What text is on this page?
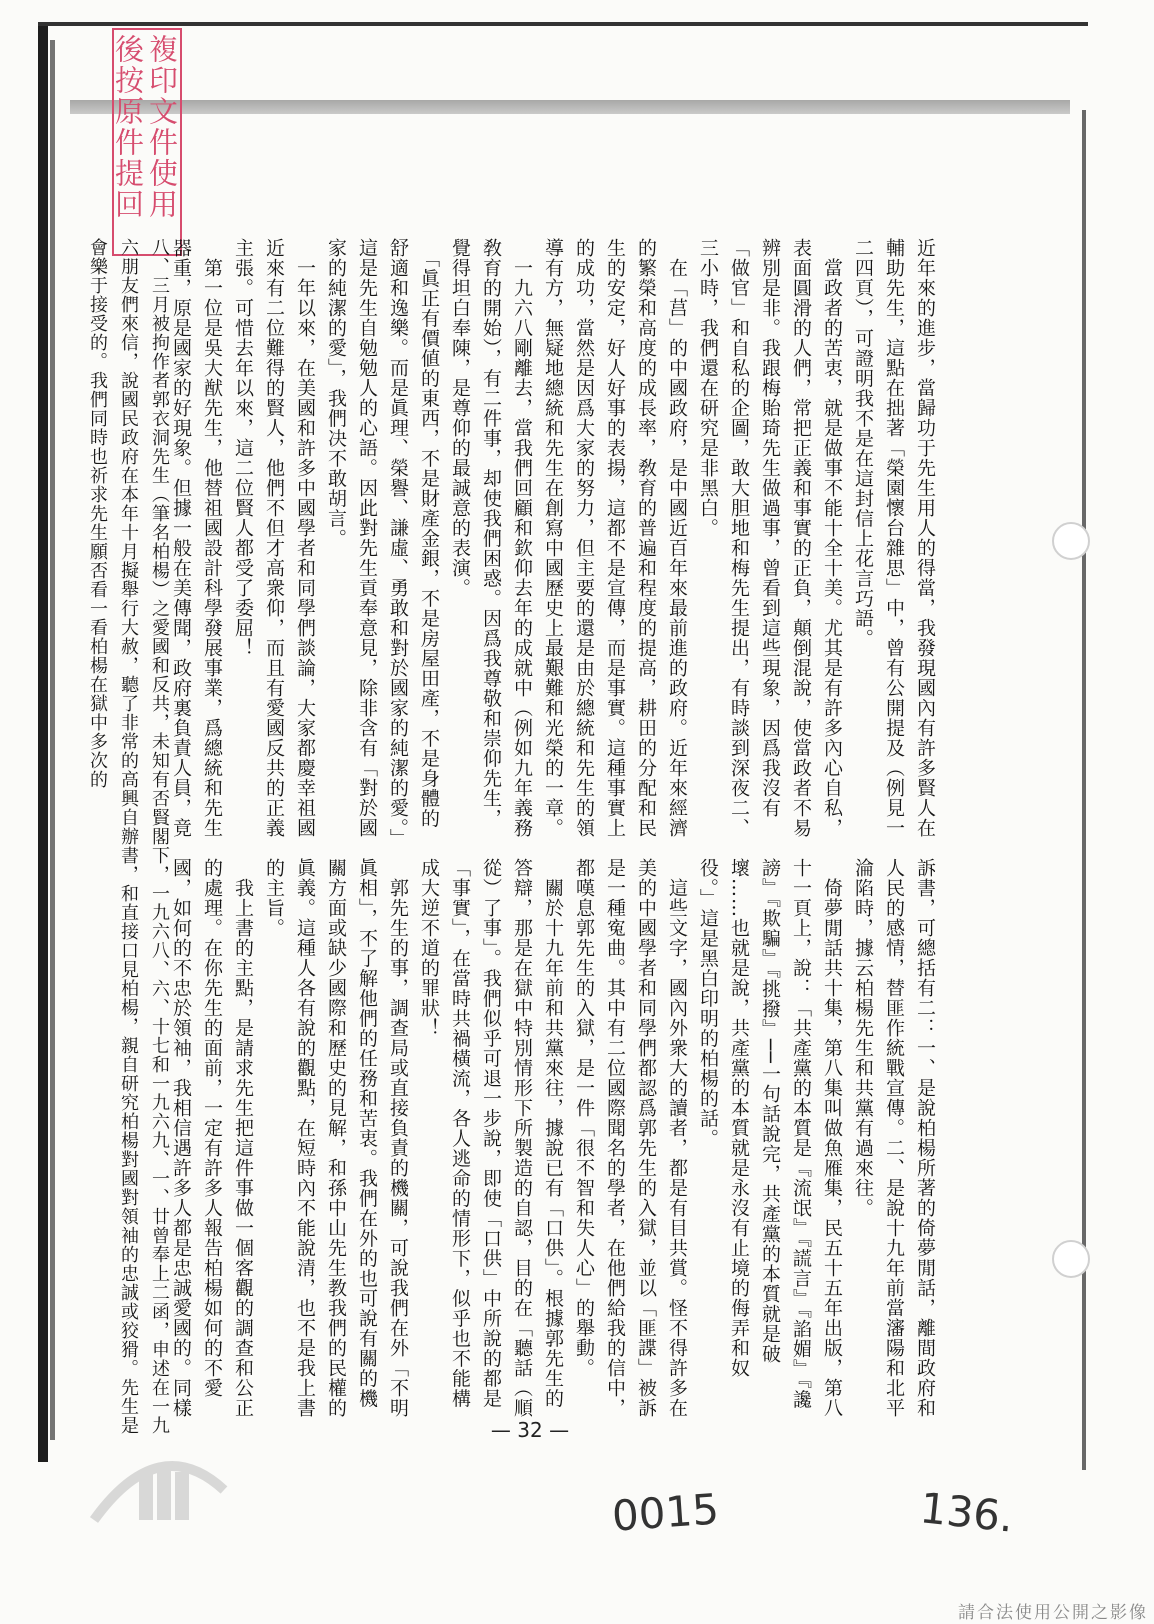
複印文件使用
後按原件提回
近年來的進步，當歸功于先生用人的得當，我發現國內有許多賢人在輔助先生，這點在拙著「榮園懷台雜思」中，曾有公開提及（例見一二四頁），可證明我不是在這封信上花言巧語。
　當政者的苦衷，就是做事不能十全十美。尤其是有許多內心自私，表面圓滑的人們，常把正義和事實的正負，顛倒混說，使當政者不易辨別是非。我跟梅貽琦先生做過事，曾看到這些現象，因爲我沒有「做官」和自私的企圖，敢大胆地和梅先生提出，有時談到深夜二、三小時，我們還在研究是非黑白。
　在「莒」的中國政府，是中國近百年來最前進的政府。近年來經濟的繁榮和高度的成長率，敎育的普遍和程度的提高，耕田的分配和民生的安定，好人好事的表揚，這都不是宣傳，而是事實。這種事實上的成功，當然是因爲大家的努力，但主要的還是由於總統和先生的領導有方，無疑地總統和先生在創寫中國歷史上最艱難和光榮的一章。
　一九六八剛離去，當我們回顧和欽仰去年的成就中（例如九年義務敎育的開始），有二件事，却使我們困惑。因爲我尊敬和崇仰先生，覺得坦白奉陳，是尊仰的最誠意的表演。
　「眞正有價値的東西，不是財產金銀，不是房屋田產，不是身體的舒適和逸樂。而是眞理、榮譽、謙虛、勇敢和對於國家的純潔的愛。」這是先生自勉勉人的心語。因此對先生貢奉意見，除非含有「對於國家的純潔的愛」，我們决不敢胡言。
　一年以來，在美國和許多中國學者和同學們談論，大家都慶幸祖國近來有二位難得的賢人，他們不但才高衆仰，而且有愛國反共的正義主張。可惜去年以來，這二位賢人都受了委屈！
　第一位是吳大猷先生，他替祖國設計科學發展事業，爲總統和先生器重，原是國家的好現象。但據一般在美傳聞，政府裏負責人員，竟

訴書，可總括有二：一、是說柏楊所著的倚夢閒話，離間政府和人民的感情，替匪作統戰宣傳。二、是說十九年前當瀋陽和北平淪陷時，據云柏楊先生和共黨有過來往。
　倚夢閒話共十集，第八集叫做魚雁集，民五十五年出版，第八十一頁上，說：「共產黨的本質是『流氓』『謊言』『諂媚』『讒謗』『欺騙』『挑撥』──一句話說完，共產黨的本質就是破壞……也就是說，共產黨的本質就是永沒有止境的侮弄和奴役。」這是黑白印明的柏楊的話。
　這些文字，國內外衆大的讀者，都是有目共賞。怪不得許多在美的中國學者和同學們都認爲郭先生的入獄，並以「匪諜」被訴是一種寃曲。其中有二位國際聞名的學者，在他們給我的信中，都嘆息郭先生的入獄，是一件「很不智和失人心」的舉動。
　關於十九年前和共黨來往，據說已有「口供」。根據郭先生的答辯，那是在獄中特別情形下所製造的自認，目的在「聽話（順從）了事」。我們似乎可退一步說，即使「口供」中所說的都是「事實」，在當時共禍橫流，各人逃命的情形下，似乎也不能構成大逆不道的罪狀！
　郭先生的事，調查局或直接負責的機關，可說我們在外「不明眞相」，不了解他們的任務和苦衷。我們在外的也可說有關的機關方面或缺少國際和歷史的見解，和孫中山先生教我們的民權的眞義。這種人各有說的觀點，在短時內不能說清，也不是我上書的主旨。
　我上書的主點，是請求先生把這件事做一個客觀的調查和公正的處理。在你先生的面前，一定有許多人報告柏楊如何的不愛國，如何的不忠於領袖，我相信遇許多人都是忠誠愛國的。同樣

八、三月被拘作者郭衣洞先生（筆名柏楊）之愛國和反共，未知有否賢閣下，一九六八、六、十七和一九六九、一、廿曾奉上二函，申述在一九六朋友們來信，說國民政府在本年十月擬舉行大赦，聽了非常的高興自辦書，和直接口見柏楊，親自研究柏楊對國對領袖的忠誠或狡猾。先生是會樂于接受的。我們同時也祈求先生願否看一看柏楊在獄中多次的
— 32 —
0015	136.
請合法使用公開之影像
